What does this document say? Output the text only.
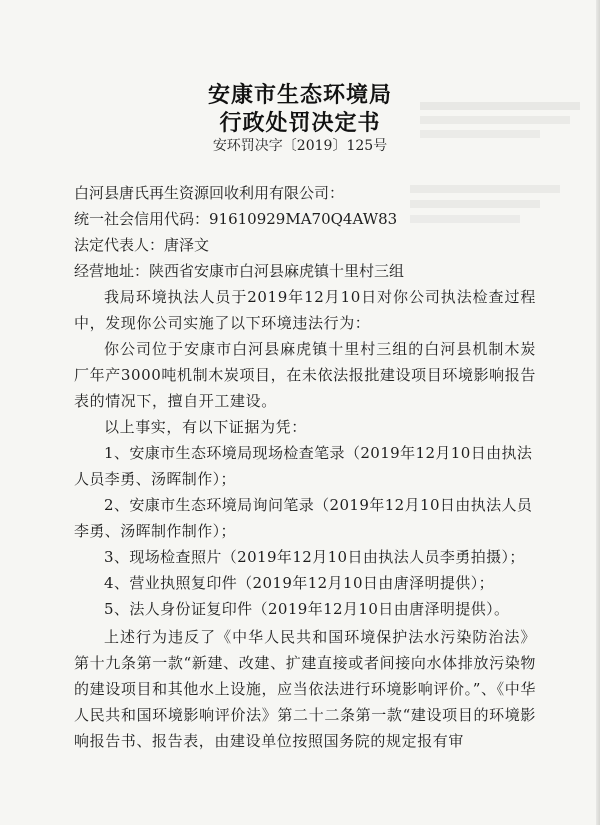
安康市生态环境局
行政处罚决定书
安环罚决字〔2019〕125号
白河县唐氏再生资源回收利用有限公司：
统一社会信用代码：91610929MA70Q4AW83
法定代表人：唐泽文
经营地址：陕西省安康市白河县麻虎镇十里村三组
我局环境执法人员于2019年12月10日对你公司执法检查过程中，发现你公司实施了以下环境违法行为：
你公司位于安康市白河县麻虎镇十里村三组的白河县机制木炭厂年产3000吨机制木炭项目，在未依法报批建设项目环境影响报告表的情况下，擅自开工建设。
以上事实，有以下证据为凭：
1、安康市生态环境局现场检查笔录（2019年12月10日由执法人员李勇、汤晖制作）；
2、安康市生态环境局询问笔录（2019年12月10日由执法人员李勇、汤晖制作制作）；
3、现场检查照片（2019年12月10日由执法人员李勇拍摄）；
4、营业执照复印件（2019年12月10日由唐泽明提供）；
5、法人身份证复印件（2019年12月10日由唐泽明提供）。
上述行为违反了《中华人民共和国环境保护法水污染防治法》第十九条第一款“新建、改建、扩建直接或者间接向水体排放污染物的建设项目和其他水上设施，应当依法进行环境影响评价。”、《中华人民共和国环境影响评价法》第二十二条第一款“建设项目的环境影响报告书、报告表，由建设单位按照国务院的规定报有审
